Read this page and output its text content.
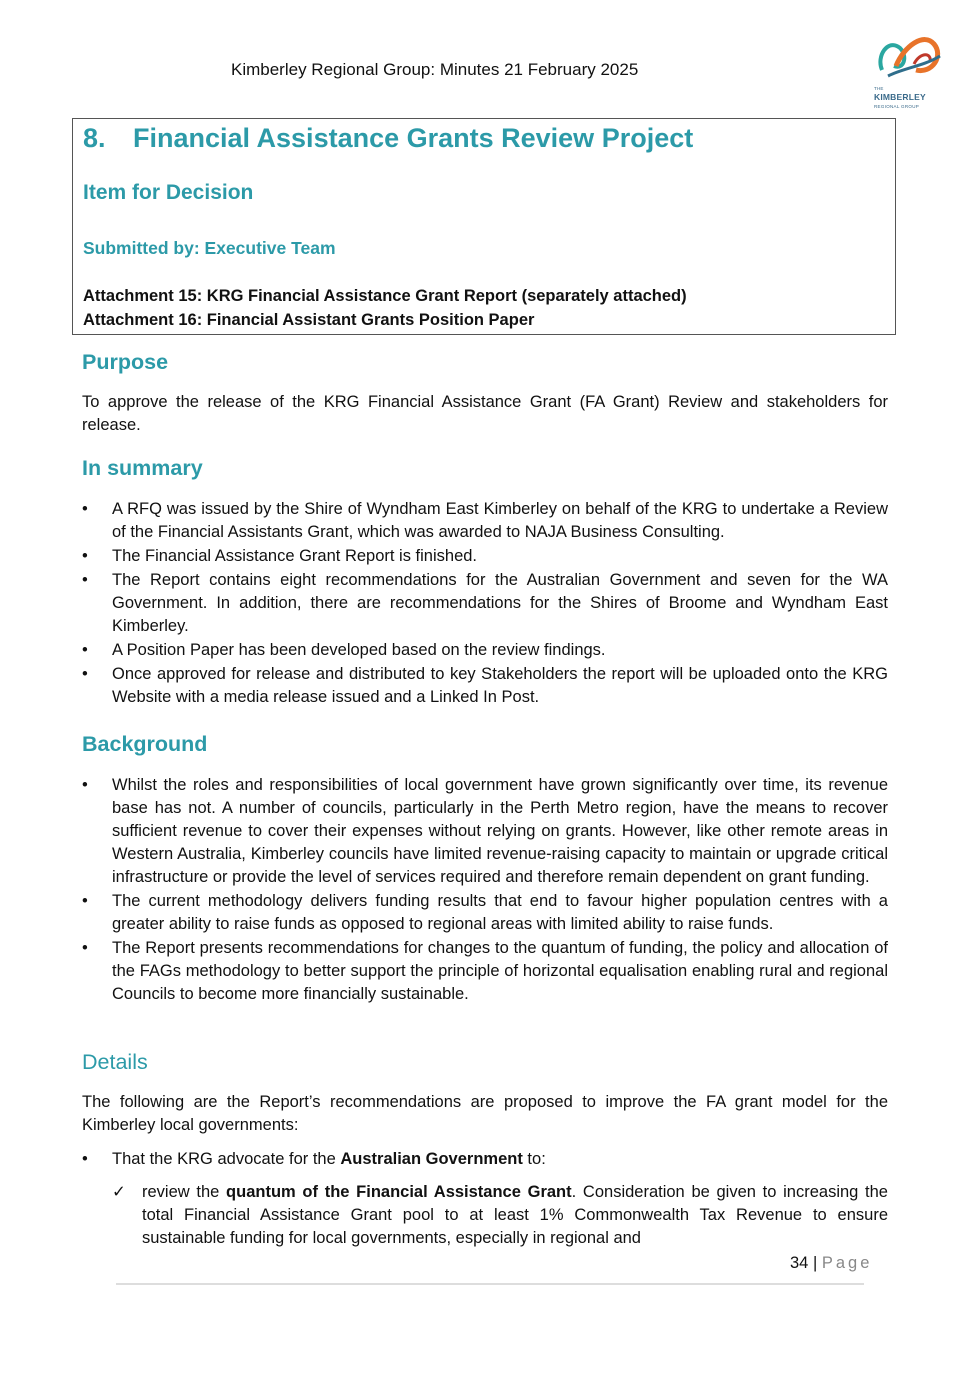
Kimberley Regional Group: Minutes 21 February 2025
THE
KIMBERLEY
REGIONAL GROUP
8. Financial Assistance Grants Review Project
Item for Decision
Submitted by: Executive Team
Attachment 15: KRG Financial Assistance Grant Report (separately attached)
Attachment 16: Financial Assistant Grants Position Paper
Purpose
To approve the release of the KRG Financial Assistance Grant (FA Grant) Review and stakeholders for release.
In summary
•	A RFQ was issued by the Shire of Wyndham East Kimberley on behalf of the KRG to undertake a Review of the Financial Assistants Grant, which was awarded to NAJA Business Consulting.
•	The Financial Assistance Grant Report is finished.
•	The Report contains eight recommendations for the Australian Government and seven for the WA Government. In addition, there are recommendations for the Shires of Broome and Wyndham East Kimberley.
•	A Position Paper has been developed based on the review findings.
•	Once approved for release and distributed to key Stakeholders the report will be uploaded onto the KRG Website with a media release issued and a Linked In Post.
Background
•	Whilst the roles and responsibilities of local government have grown significantly over time, its revenue base has not. A number of councils, particularly in the Perth Metro region, have the means to recover sufficient revenue to cover their expenses without relying on grants. However, like other remote areas in Western Australia, Kimberley councils have limited revenue-raising capacity to maintain or upgrade critical infrastructure or provide the level of services required and therefore remain dependent on grant funding.
•	The current methodology delivers funding results that end to favour higher population centres with a greater ability to raise funds as opposed to regional areas with limited ability to raise funds.
•	The Report presents recommendations for changes to the quantum of funding, the policy and allocation of the FAGs methodology to better support the principle of horizontal equalisation enabling rural and regional Councils to become more financially sustainable.
Details
The following are the Report’s recommendations are proposed to improve the FA grant model for the Kimberley local governments:
•	That the KRG advocate for the Australian Government to:
✓ review the quantum of the Financial Assistance Grant. Consideration be given to increasing the total Financial Assistance Grant pool to at least 1% Commonwealth Tax Revenue to ensure sustainable funding for local governments, especially in regional and
34 | Page
